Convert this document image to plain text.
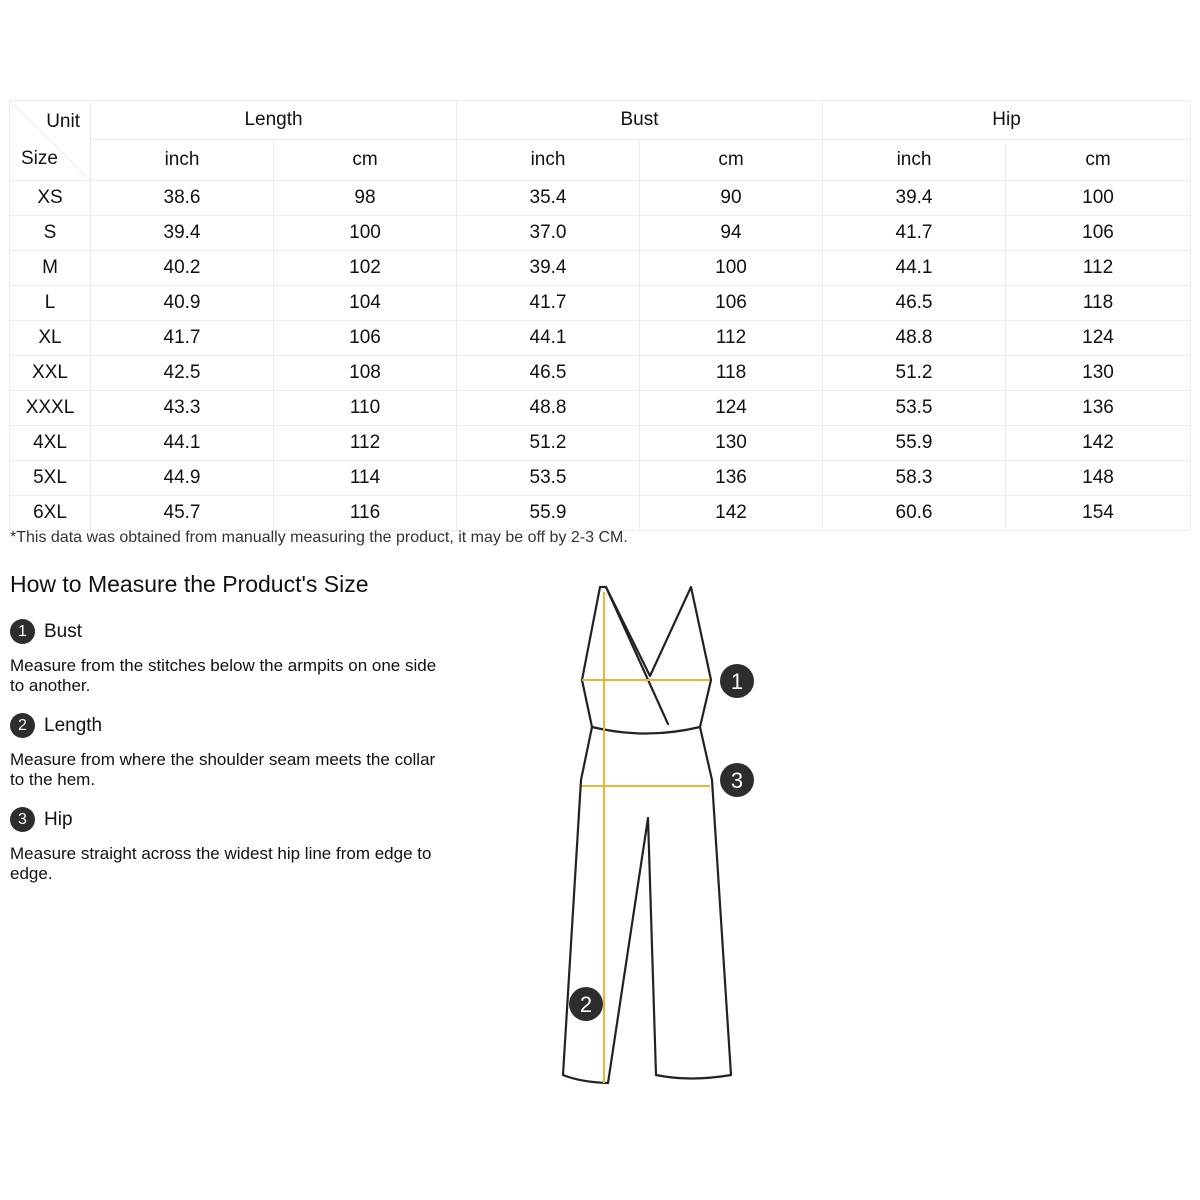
Unit
Size	Length		Bust		Hip	
	inch	cm	inch	cm	inch	cm
XS	38.6	98	35.4	90	39.4	100
S	39.4	100	37.0	94	41.7	106
M	40.2	102	39.4	100	44.1	112
L	40.9	104	41.7	106	46.5	118
XL	41.7	106	44.1	112	48.8	124
XXL	42.5	108	46.5	118	51.2	130
XXXL	43.3	110	48.8	124	53.5	136
4XL	44.1	112	51.2	130	55.9	142
5XL	44.9	114	53.5	136	58.3	148
6XL	45.7	116	55.9	142	60.6	154
*This data was obtained from manually measuring the product, it may be off by 2-3 CM.
How to Measure the Product's Size
1 Bust
Measure from the stitches below the armpits on one side to another.
2 Length
Measure from where the shoulder seam meets the collar to the hem.
3 Hip
Measure straight across the widest hip line from edge to edge.
1
3
2
